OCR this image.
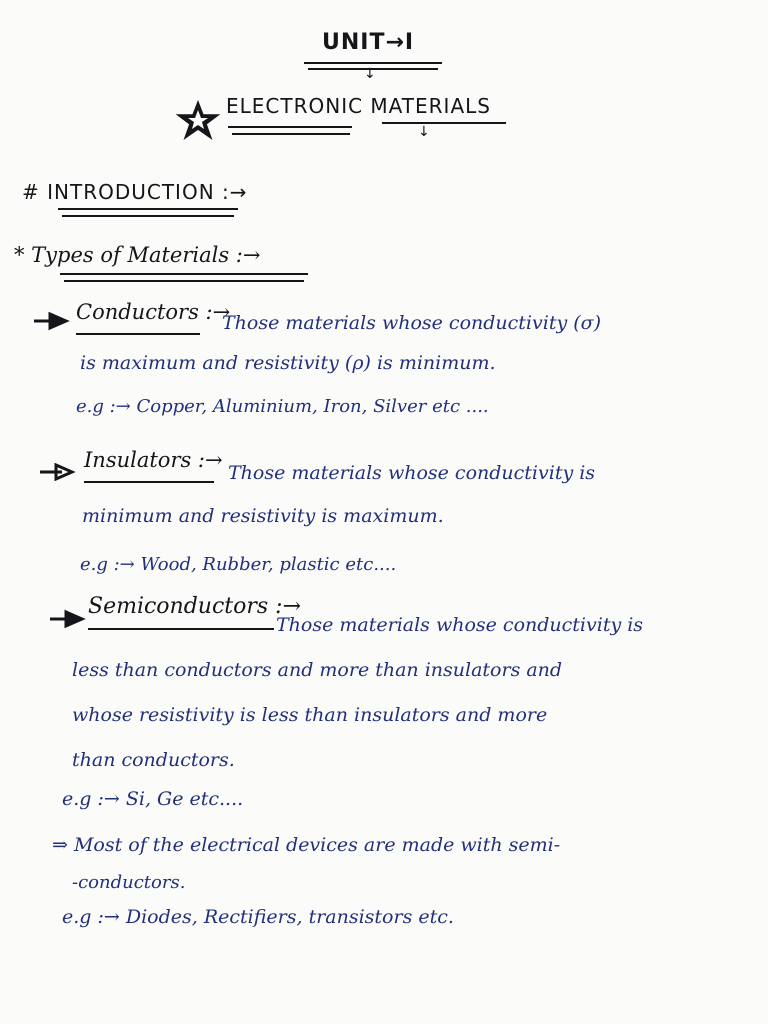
UNIT→I
↓
ELECTRONIC MATERIALS
↓
# INTRODUCTION :→
* Types of Materials :→
Conductors :→
Those materials whose conductivity (σ)
is maximum and resistivity (ρ) is minimum.
e.g :→ Copper, Aluminium, Iron, Silver etc ....
Insulators :→
Those materials whose conductivity is
minimum and resistivity is maximum.
e.g :→ Wood, Rubber, plastic etc....
Semiconductors :→
Those materials whose conductivity is
less than conductors and more than insulators and
whose resistivity is less than insulators and more
than conductors.
e.g :→ Si, Ge etc....
⇒ Most of the electrical devices are made with semi-
-conductors.
e.g :→ Diodes, Rectifiers, transistors etc.
